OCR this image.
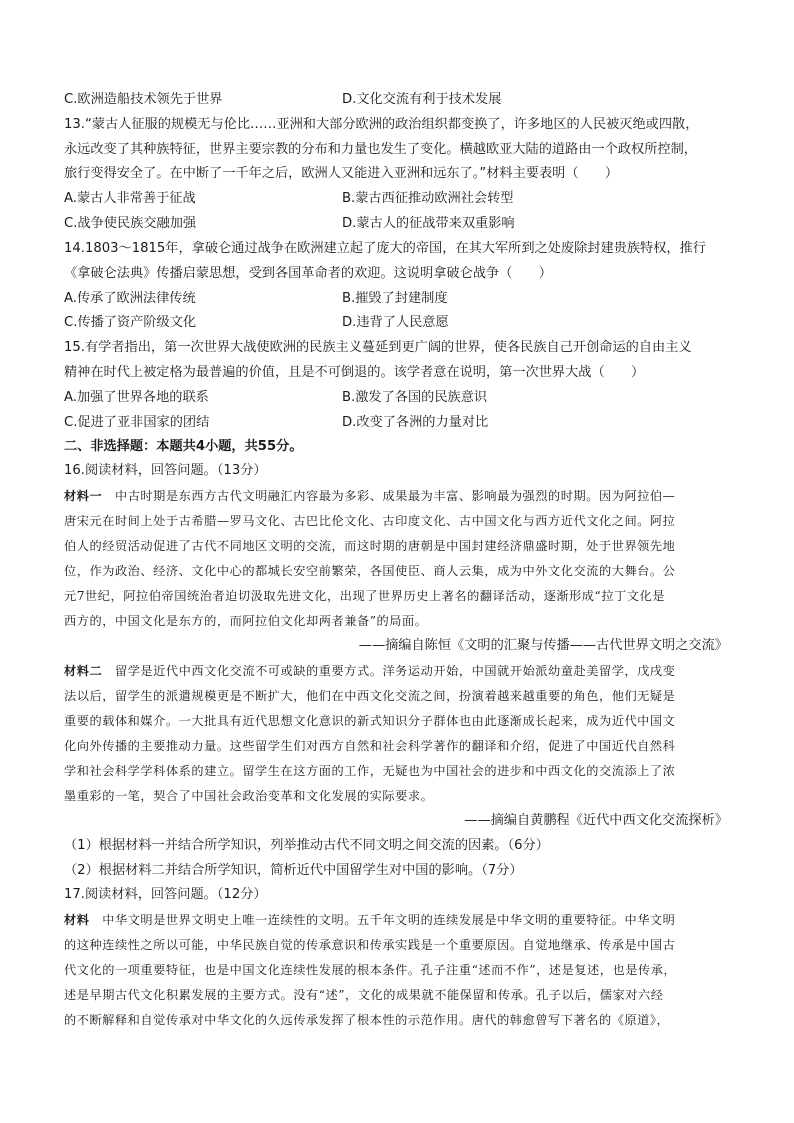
C.欧洲造船技术领先于世界	D.文化交流有利于技术发展
13.“蒙古人征服的规模无与伦比……亚洲和大部分欧洲的政治组织都变换了，许多地区的人民被灭绝或四散，
永远改变了其种族特征，世界主要宗教的分布和力量也发生了变化。横越欧亚大陆的道路由一个政权所控制，
旅行变得安全了。在中断了一千年之后，欧洲人又能进入亚洲和远东了。”材料主要表明（　　）
A.蒙古人非常善于征战	B.蒙古西征推动欧洲社会转型
C.战争使民族交融加强	D.蒙古人的征战带来双重影响
14.1803～1815年，拿破仑通过战争在欧洲建立起了庞大的帝国，在其大军所到之处废除封建贵族特权，推行
《拿破仑法典》传播启蒙思想，受到各国革命者的欢迎。这说明拿破仑战争（　　）
A.传承了欧洲法律传统	B.摧毁了封建制度
C.传播了资产阶级文化	D.违背了人民意愿
15.有学者指出，第一次世界大战使欧洲的民族主义蔓延到更广阔的世界，使各民族自己开创命运的自由主义
精神在时代上被定格为最普遍的价值，且是不可倒退的。该学者意在说明，第一次世界大战（　　）
A.加强了世界各地的联系	B.激发了各国的民族意识
C.促进了亚非国家的团结	D.改变了各洲的力量对比
二、非选择题：本题共4小题，共55分。
16.阅读材料，回答问题。（13分）
材料一　中古时期是东西方古代文明融汇内容最为多彩、成果最为丰富、影响最为强烈的时期。因为阿拉伯—
唐宋元在时间上处于古希腊—罗马文化、古巴比伦文化、古印度文化、古中国文化与西方近代文化之间。阿拉
伯人的经贸活动促进了古代不同地区文明的交流，而这时期的唐朝是中国封建经济鼎盛时期，处于世界领先地
位，作为政治、经济、文化中心的都城长安空前繁荣，各国使臣、商人云集，成为中外文化交流的大舞台。公
元7世纪，阿拉伯帝国统治者迫切汲取先进文化，出现了世界历史上著名的翻译活动，逐渐形成“拉丁文化是
西方的，中国文化是东方的，而阿拉伯文化却两者兼备”的局面。
——摘编自陈恒《文明的汇聚与传播——古代世界文明之交流》
材料二　留学是近代中西文化交流不可或缺的重要方式。洋务运动开始，中国就开始派幼童赴美留学，戊戌变
法以后，留学生的派遣规模更是不断扩大，他们在中西文化交流之间，扮演着越来越重要的角色，他们无疑是
重要的载体和媒介。一大批具有近代思想文化意识的新式知识分子群体也由此逐渐成长起来，成为近代中国文
化向外传播的主要推动力量。这些留学生们对西方自然和社会科学著作的翻译和介绍，促进了中国近代自然科
学和社会科学学科体系的建立。留学生在这方面的工作，无疑也为中国社会的进步和中西文化的交流添上了浓
墨重彩的一笔，契合了中国社会政治变革和文化发展的实际要求。
——摘编自黄鹏程《近代中西文化交流探析》
（1）根据材料一并结合所学知识，列举推动古代不同文明之间交流的因素。（6分）
（2）根据材料二并结合所学知识，简析近代中国留学生对中国的影响。（7分）
17.阅读材料，回答问题。（12分）
材料　中华文明是世界文明史上唯一连续性的文明。五千年文明的连续发展是中华文明的重要特征。中华文明
的这种连续性之所以可能，中华民族自觉的传承意识和传承实践是一个重要原因。自觉地继承、传承是中国古
代文化的一项重要特征，也是中国文化连续性发展的根本条件。孔子注重“述而不作”，述是复述，也是传承，
述是早期古代文化积累发展的主要方式。没有“述”，文化的成果就不能保留和传承。孔子以后，儒家对六经
的不断解释和自觉传承对中华文化的久远传承发挥了根本性的示范作用。唐代的韩愈曾写下著名的《原道》，
